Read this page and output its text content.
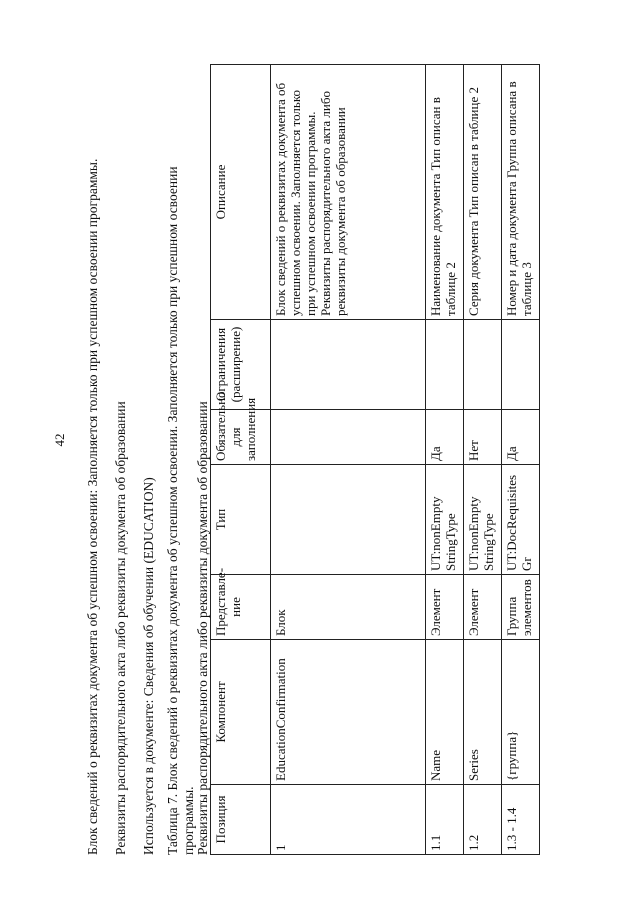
42 Блок сведений о реквизитах документа об успешном освоении: Заполняется только при успешном освоении программы. Реквизиты распорядительного акта либо реквизиты документа об образовании Используется в документе: Сведения об обучении (EDUCATION) Таблица 7. Блок сведений о реквизитах документа об успешном освоении. Заполняется только при успешном освоении программы. Реквизиты распорядительного акта либо реквизиты документа об образовании Позиция	Компонент	Представле-ние	Тип	Обязательно для заполнения	Ограничения (расширение)	Описание
1	EducationConfirmation	Блок				Блок сведений о реквизитах документа об успешном освоении. Заполняется только при успешном освоении программы. Реквизиты распорядительного акта либо реквизиты документа об образовании
1.1	Name	Элемент	UT:nonEmpty StringType	Да		Наименование документа Тип описан в таблице 2
1.2	Series	Элемент	UT:nonEmpty StringType	Нет		Серия документа Тип описан в таблице 2
1.3 - 1.4	{группа}	Группа элементов	UT:DocRequisites Gr	Да		Номер и дата документа Группа описана в таблице 3
